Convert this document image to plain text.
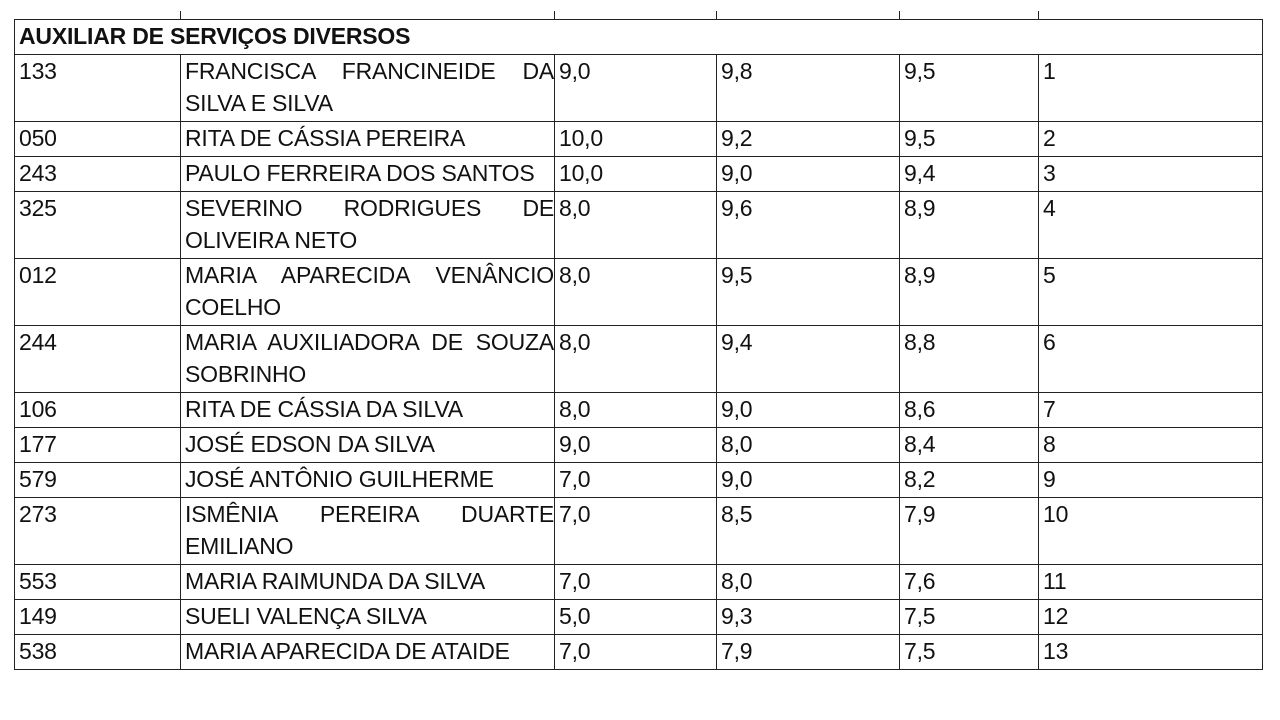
AUXILIAR DE SERVIÇOS DIVERSOS					
133	FRANCISCA FRANCINEIDE DA SILVA E SILVA	9,0	9,8	9,5	1
050	RITA DE CÁSSIA PEREIRA	10,0	9,2	9,5	2
243	PAULO FERREIRA DOS SANTOS	10,0	9,0	9,4	3
325	SEVERINO RODRIGUES DE OLIVEIRA NETO	8,0	9,6	8,9	4
012	MARIA APARECIDA VENÂNCIO COELHO	8,0	9,5	8,9	5
244	MARIA AUXILIADORA DE SOUZA SOBRINHO	8,0	9,4	8,8	6
106	RITA DE CÁSSIA DA SILVA	8,0	9,0	8,6	7
177	JOSÉ EDSON DA SILVA	9,0	8,0	8,4	8
579	JOSÉ ANTÔNIO GUILHERME	7,0	9,0	8,2	9
273	ISMÊNIA PEREIRA DUARTE EMILIANO	7,0	8,5	7,9	10
553	MARIA RAIMUNDA DA SILVA	7,0	8,0	7,6	11
149	SUELI VALENÇA SILVA	5,0	9,3	7,5	12
538	MARIA APARECIDA DE ATAIDE	7,0	7,9	7,5	13
